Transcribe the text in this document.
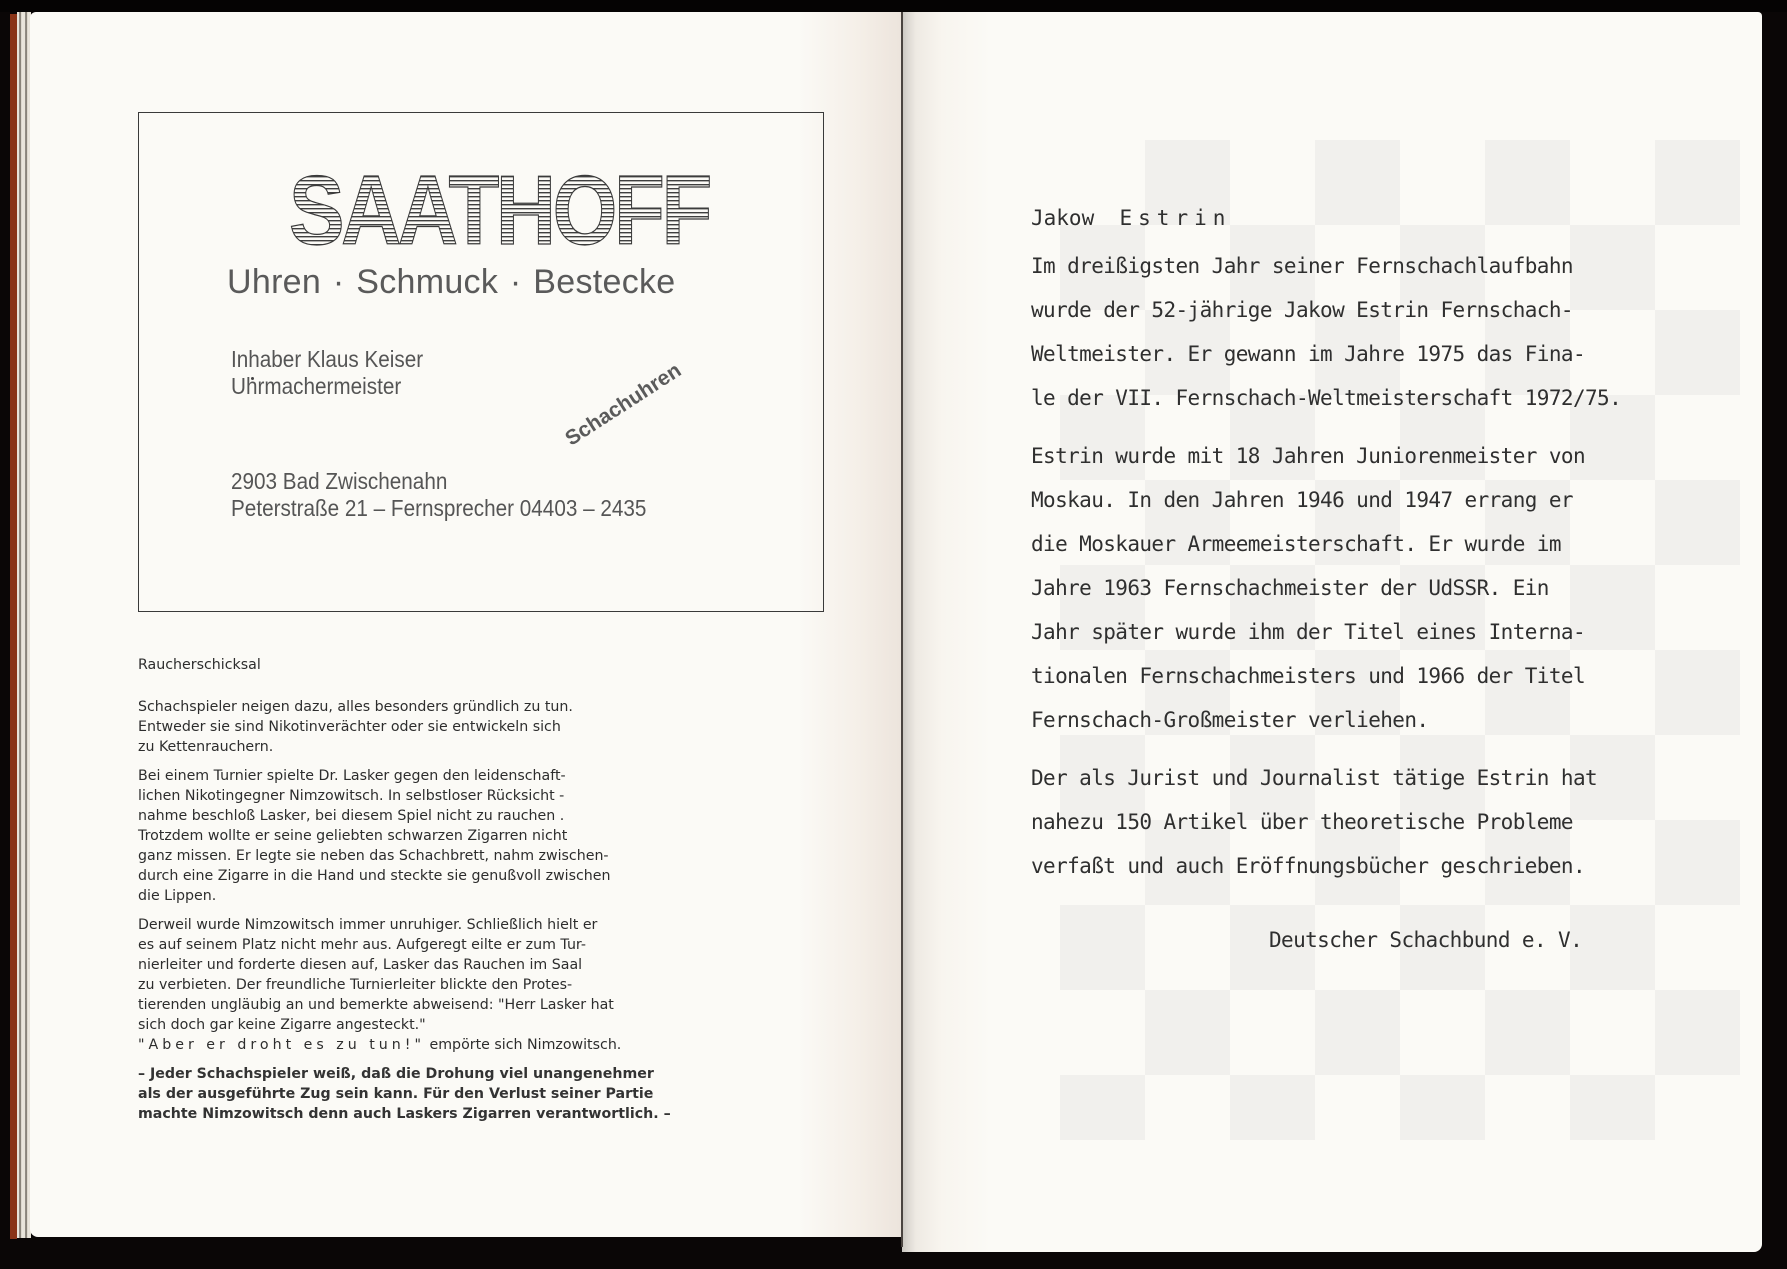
SAATHOFF
Uhren · Schmuck · Bestecke
Inhaber Klaus Keiser
Uhrmachermeister	Schachuhren
2903 Bad Zwischenahn
Peterstraße 21 – Fernsprecher 04403 – 2435
Raucherschicksal

Schachspieler neigen dazu, alles besonders gründlich zu tun.
Entweder sie sind Nikotinverächter oder sie entwickeln sich
zu Kettenrauchern.

Bei einem Turnier spielte Dr. Lasker gegen den leidenschaft-
lichen Nikotingegner Nimzowitsch. In selbstloser Rücksicht -
nahme beschloß Lasker, bei diesem Spiel nicht zu rauchen .
Trotzdem wollte er seine geliebten schwarzen Zigarren nicht
ganz missen. Er legte sie neben das Schachbrett, nahm zwischen-
durch eine Zigarre in die Hand und steckte sie genußvoll zwischen
die Lippen.

Derweil wurde Nimzowitsch immer unruhiger. Schließlich hielt er
es auf seinem Platz nicht mehr aus. Aufgeregt eilte er zum Tur-
nierleiter und forderte diesen auf, Lasker das Rauchen im Saal
zu verbieten. Der freundliche Turnierleiter blickte den Protes-
tierenden ungläubig an und bemerkte abweisend: "Herr Lasker hat
sich doch gar keine Zigarre angesteckt."

"Aber er droht es zu tun!" empörte sich Nimzowitsch.

– Jeder Schachspieler weiß, daß die Drohung viel unangenehmer
als der ausgeführte Zug sein kann. Für den Verlust seiner Partie
machte Nimzowitsch denn auch Laskers Zigarren verantwortlich. –

Jakow Estrin

Im dreißigsten Jahr seiner Fernschachlaufbahn
wurde der 52-jährige Jakow Estrin Fernschach-
Weltmeister. Er gewann im Jahre 1975 das Fina-
le der VII. Fernschach-Weltmeisterschaft 1972/75.

Estrin wurde mit 18 Jahren Juniorenmeister von
Moskau. In den Jahren 1946 und 1947 errang er
die Moskauer Armeemeisterschaft. Er wurde im
Jahre 1963 Fernschachmeister der UdSSR. Ein
Jahr später wurde ihm der Titel eines Interna-
tionalen Fernschachmeisters und 1966 der Titel
Fernschach-Großmeister verliehen.

Der als Jurist und Journalist tätige Estrin hat
nahezu 150 Artikel über theoretische Probleme
verfaßt und auch Eröffnungsbücher geschrieben.

Deutscher Schachbund e. V.
